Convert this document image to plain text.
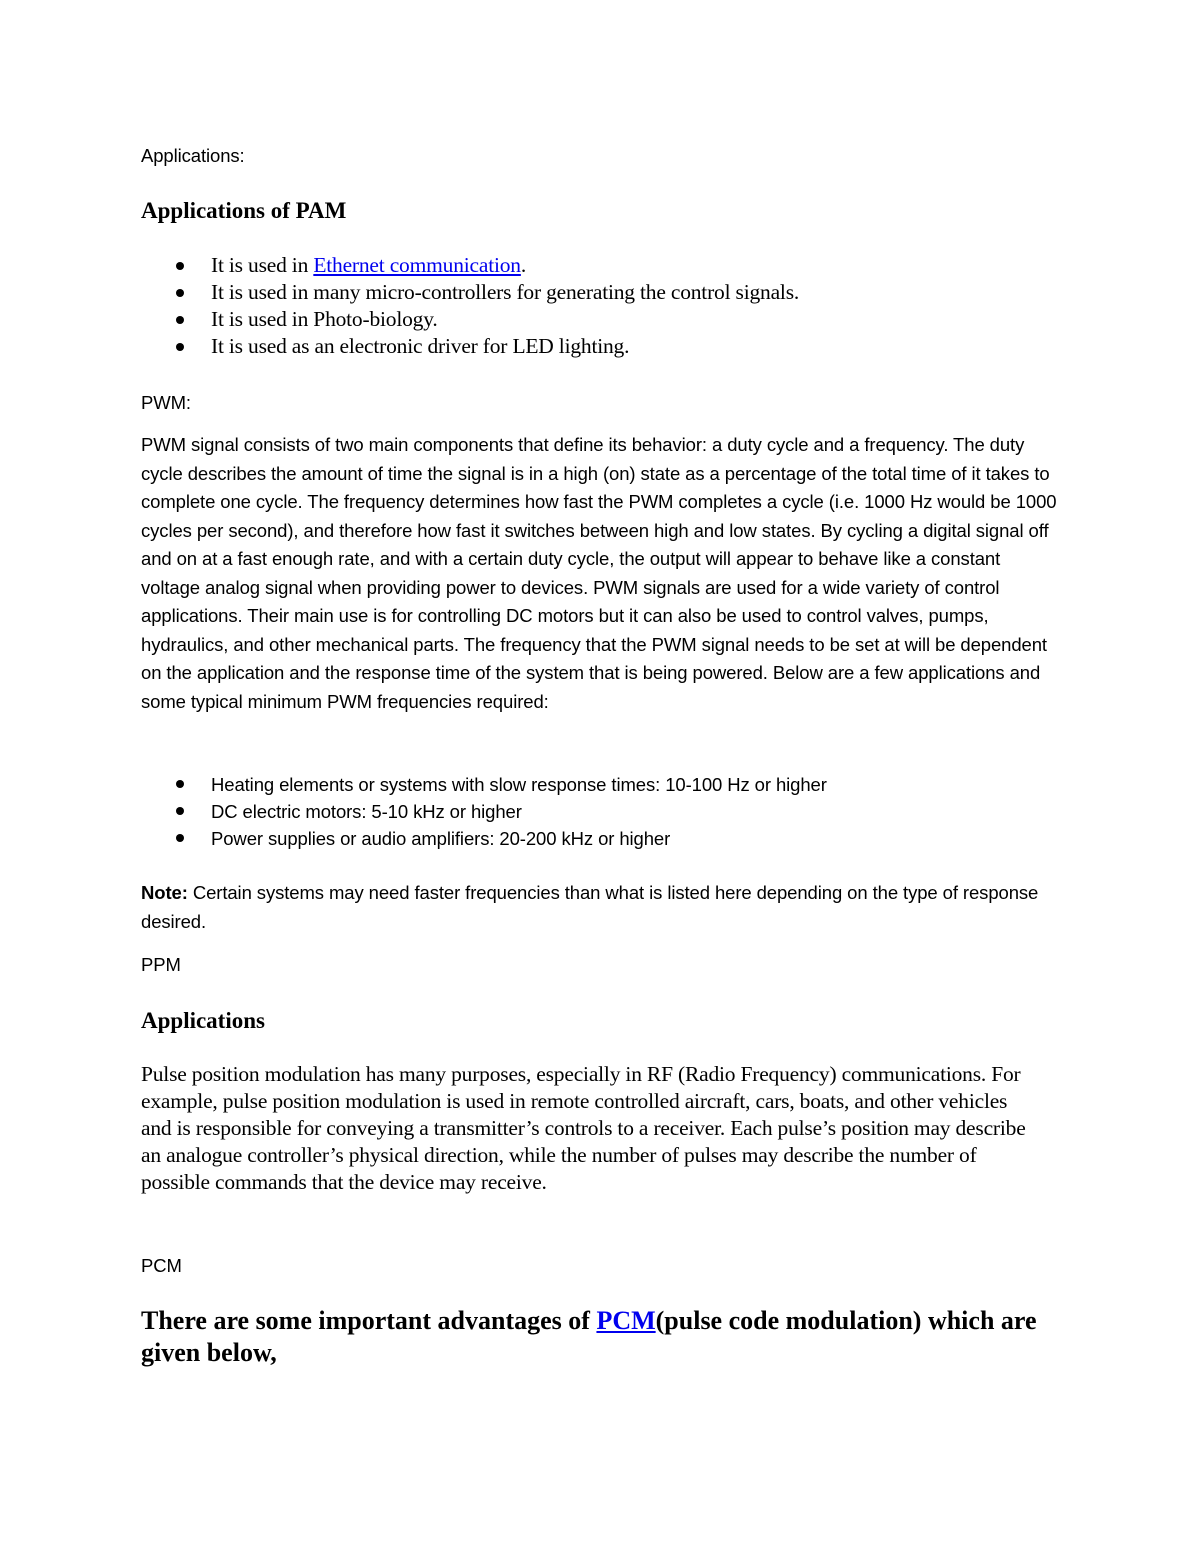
Applications:

Applications of PAM
It is used in Ethernet communication.
It is used in many micro-controllers for generating the control signals.
It is used in Photo-biology.
It is used as an electronic driver for LED lighting.

PWM:

PWM signal consists of two main components that define its behavior: a duty cycle and a frequency. The duty cycle describes the amount of time the signal is in a high (on) state as a percentage of the total time of it takes to complete one cycle. The frequency determines how fast the PWM completes a cycle (i.e. 1000 Hz would be 1000 cycles per second), and therefore how fast it switches between high and low states. By cycling a digital signal off and on at a fast enough rate, and with a certain duty cycle, the output will appear to behave like a constant voltage analog signal when providing power to devices. PWM signals are used for a wide variety of control applications. Their main use is for controlling DC motors but it can also be used to control valves, pumps, hydraulics, and other mechanical parts. The frequency that the PWM signal needs to be set at will be dependent on the application and the response time of the system that is being powered. Below are a few applications and some typical minimum PWM frequencies required:

Heating elements or systems with slow response times: 10-100 Hz or higher
DC electric motors: 5-10 kHz or higher
Power supplies or audio amplifiers: 20-200 kHz or higher

Note: Certain systems may need faster frequencies than what is listed here depending on the type of response desired.

PPM

Applications

Pulse position modulation has many purposes, especially in RF (Radio Frequency) communications. For example, pulse position modulation is used in remote controlled aircraft, cars, boats, and other vehicles and is responsible for conveying a transmitter’s controls to a receiver. Each pulse’s position may describe an analogue controller’s physical direction, while the number of pulses may describe the number of possible commands that the device may receive.

PCM

There are some important advantages of PCM(pulse code modulation) which are given below,
